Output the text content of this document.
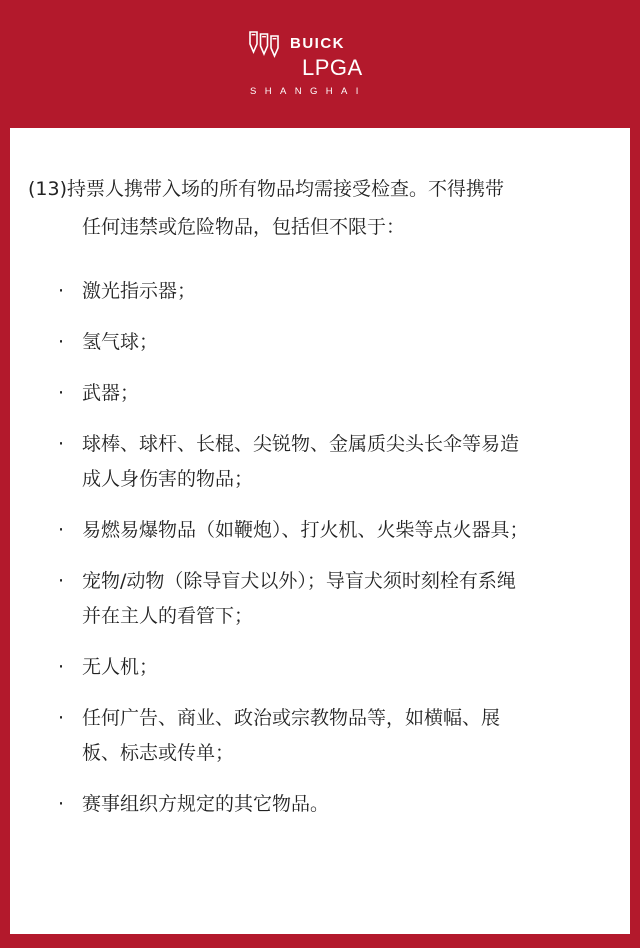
BUICK
LPGA
SHANGHAI
(13)持票人携带入场的所有物品均需接受检查。不得携带
任何违禁或危险物品，包括但不限于：
· 激光指示器；
· 氢气球；
· 武器；
· 球棒、球杆、长棍、尖锐物、金属质尖头长伞等易造
成人身伤害的物品；
· 易燃易爆物品（如鞭炮）、打火机、火柴等点火器具；
· 宠物/动物（除导盲犬以外）；导盲犬须时刻栓有系绳
并在主人的看管下；
· 无人机；
· 任何广告、商业、政治或宗教物品等，如横幅、展
板、标志或传单；
· 赛事组织方规定的其它物品。
